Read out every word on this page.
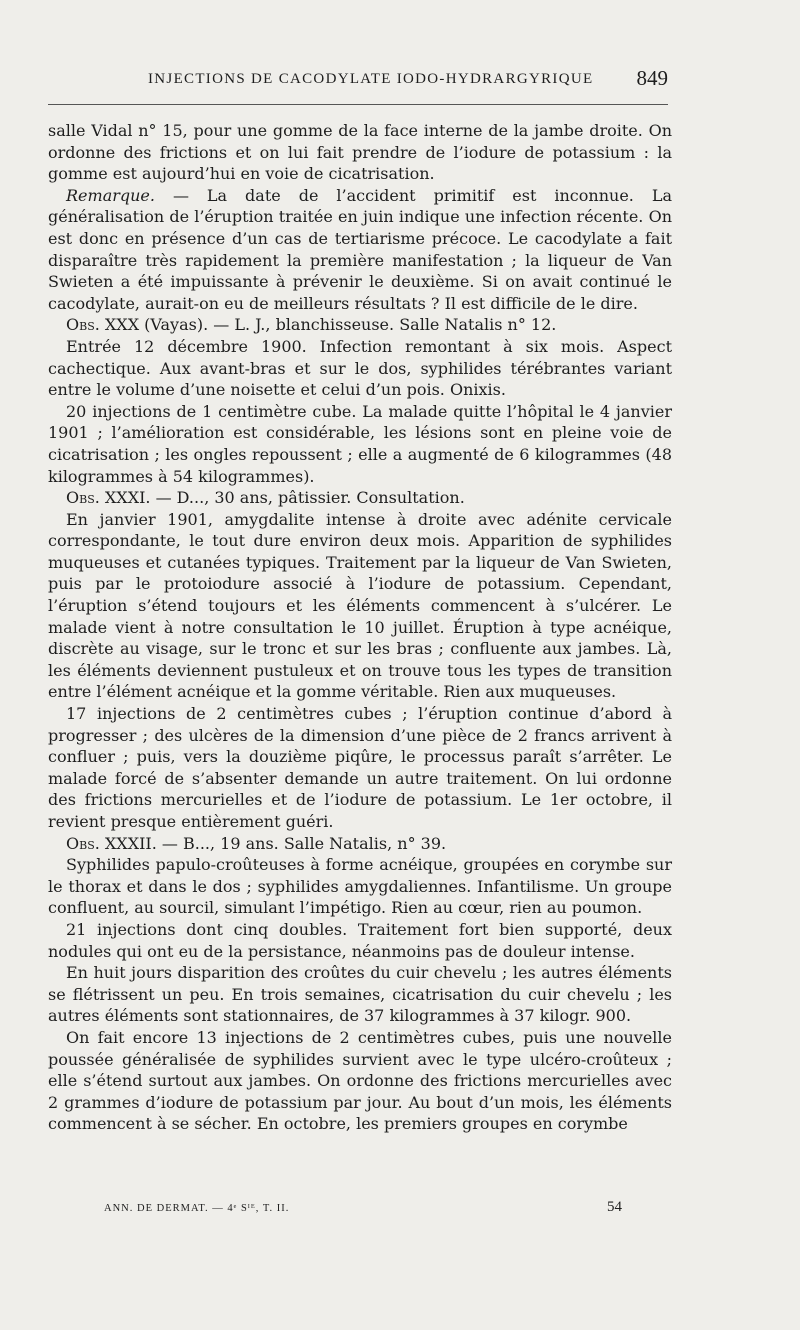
INJECTIONS DE CACODYLATE IODO-HYDRARGYRIQUE 849

salle Vidal n° 15, pour une gomme de la face interne de la jambe droite. On ordonne des frictions et on lui fait prendre de l’iodure de potassium : la gomme est aujourd’hui en voie de cicatrisation.

Remarque. — La date de l’accident primitif est inconnue. La généralisation de l’éruption traitée en juin indique une infection récente. On est donc en présence d’un cas de tertiarisme précoce. Le cacodylate a fait disparaître très rapidement la première manifestation ; la liqueur de Van Swieten a été impuissante à prévenir le deuxième. Si on avait continué le cacodylate, aurait-on eu de meilleurs résultats ? Il est difficile de le dire.

Obs. XXX (Vayas). — L. J., blanchisseuse. Salle Natalis n° 12.

Entrée 12 décembre 1900. Infection remontant à six mois. Aspect cachectique. Aux avant-bras et sur le dos, syphilides térébrantes variant entre le volume d’une noisette et celui d’un pois. Onixis.

20 injections de 1 centimètre cube. La malade quitte l’hôpital le 4 janvier 1901 ; l’amélioration est considérable, les lésions sont en pleine voie de cicatrisation ; les ongles repoussent ; elle a augmenté de 6 kilogrammes (48 kilogrammes à 54 kilogrammes).

Obs. XXXI. — D..., 30 ans, pâtissier. Consultation.

En janvier 1901, amygdalite intense à droite avec adénite cervicale correspondante, le tout dure environ deux mois. Apparition de syphilides muqueuses et cutanées typiques. Traitement par la liqueur de Van Swieten, puis par le protoiodure associé à l’iodure de potassium. Cependant, l’éruption s’étend toujours et les éléments commencent à s’ulcérer. Le malade vient à notre consultation le 10 juillet. Éruption à type acnéique, discrète au visage, sur le tronc et sur les bras ; confluente aux jambes. Là, les éléments deviennent pustuleux et on trouve tous les types de transition entre l’élément acnéique et la gomme véritable. Rien aux muqueuses.

17 injections de 2 centimètres cubes ; l’éruption continue d’abord à progresser ; des ulcères de la dimension d’une pièce de 2 francs arrivent à confluer ; puis, vers la douzième piqûre, le processus paraît s’arrêter. Le malade forcé de s’absenter demande un autre traitement. On lui ordonne des frictions mercurielles et de l’iodure de potassium. Le 1er octobre, il revient presque entièrement guéri.

Obs. XXXII. — B..., 19 ans. Salle Natalis, n° 39.

Syphilides papulo-croûteuses à forme acnéique, groupées en corymbe sur le thorax et dans le dos ; syphilides amygdaliennes. Infantilisme. Un groupe confluent, au sourcil, simulant l’impétigo. Rien au cœur, rien au poumon.

21 injections dont cinq doubles. Traitement fort bien supporté, deux nodules qui ont eu de la persistance, néanmoins pas de douleur intense.

En huit jours disparition des croûtes du cuir chevelu ; les autres éléments se flétrissent un peu. En trois semaines, cicatrisation du cuir chevelu ; les autres éléments sont stationnaires, de 37 kilogrammes à 37 kilogr. 900.

On fait encore 13 injections de 2 centimètres cubes, puis une nouvelle poussée généralisée de syphilides survient avec le type ulcéro-croûteux ; elle s’étend surtout aux jambes. On ordonne des frictions mercurielles avec 2 grammes d’iodure de potassium par jour. Au bout d’un mois, les éléments commencent à se sécher. En octobre, les premiers groupes en corymbe

ANN. DE DERMAT. — 4ᵉ Sᴵᴱ, T. II.	54
